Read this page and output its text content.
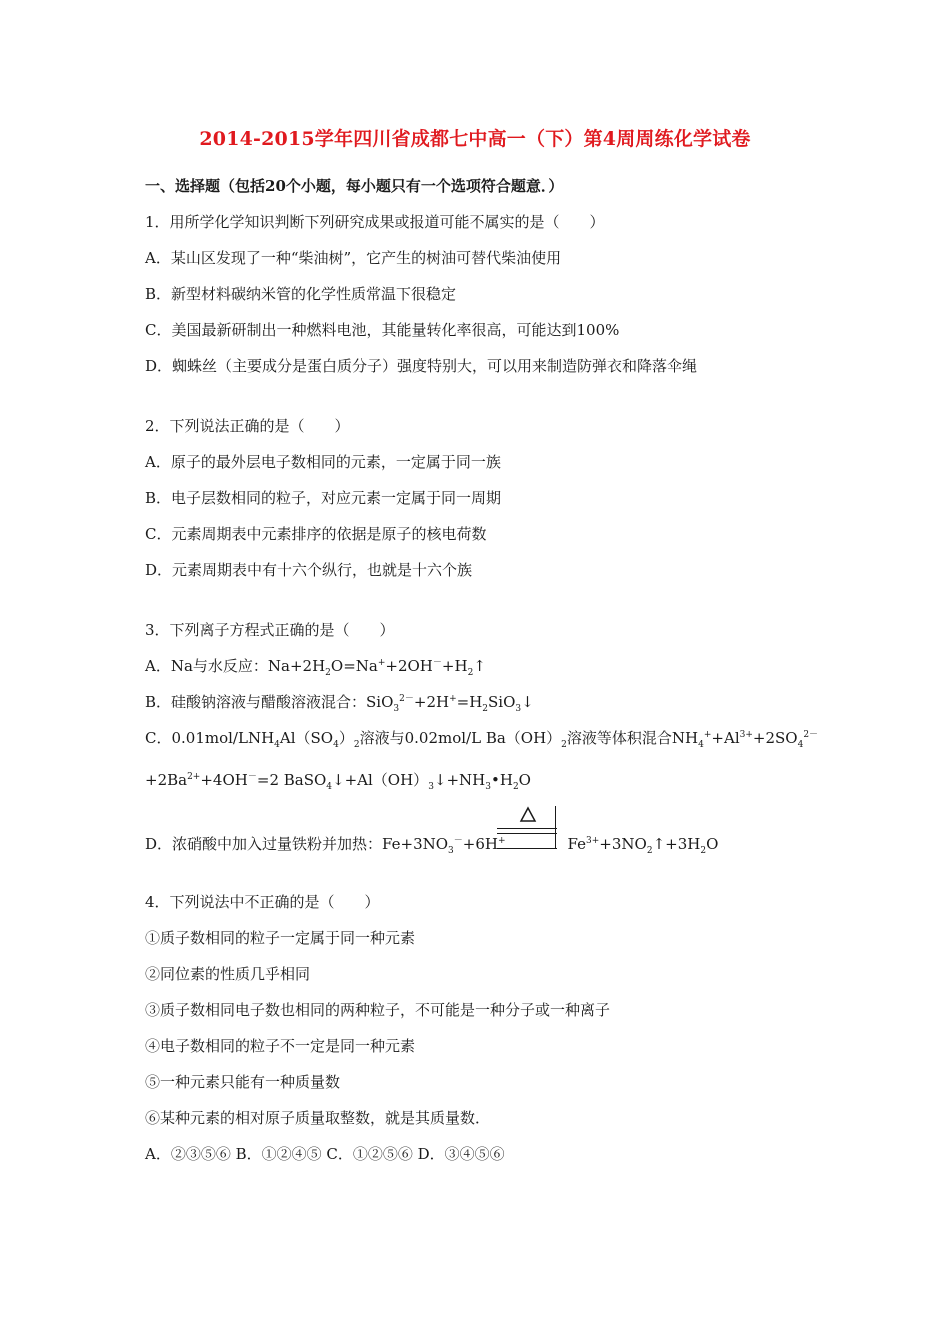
2014-2015学年四川省成都七中高一（下）第4周周练化学试卷
一、选择题（包括20个小题，每小题只有一个选项符合题意．）
1．用所学化学知识判断下列研究成果或报道可能不属实的是（　　）
A．某山区发现了一种“柴油树”，它产生的树油可替代柴油使用
B．新型材料碳纳米管的化学性质常温下很稳定
C．美国最新研制出一种燃料电池，其能量转化率很高，可能达到100%
D．蜘蛛丝（主要成分是蛋白质分子）强度特别大，可以用来制造防弹衣和降落伞绳
2．下列说法正确的是（　　）
A．原子的最外层电子数相同的元素，一定属于同一族
B．电子层数相同的粒子，对应元素一定属于同一周期
C．元素周期表中元素排序的依据是原子的核电荷数
D．元素周期表中有十六个纵行，也就是十六个族
3．下列离子方程式正确的是（　　）
A．Na与水反应：$Na+2H_2O=Na^++2OH^-+H_2↑$
B．硅酸钠溶液与醋酸溶液混合：$SiO_3^{2-}+2H^+=H_2SiO_3↓$
C．$0.01mol/LNH_4Al(SO_4)_2$溶液与0.02mol/L $Ba(OH)_2$溶液等体积混合$NH_4^++Al^{3+}+2SO_4^{2-}$
$+2Ba^{2+}+4OH^-=2$ $BaSO_4↓+Al(OH)_3↓+NH_3•H_2O$
D．浓硝酸中加入过量铁粉并加热：$Fe+3NO_3^-+6H^+$	$Fe^{3+}+3NO_2↑+3H_2O$
4．下列说法中不正确的是（　　）
①质子数相同的粒子一定属于同一种元素
②同位素的性质几乎相同
③质子数相同电子数也相同的两种粒子，不可能是一种分子或一种离子
④电子数相同的粒子不一定是同一种元素
⑤一种元素只能有一种质量数
⑥某种元素的相对原子质量取整数，就是其质量数．
A．②③⑤⑥ B．①②④⑤ C．①②⑤⑥ D．③④⑤⑥
